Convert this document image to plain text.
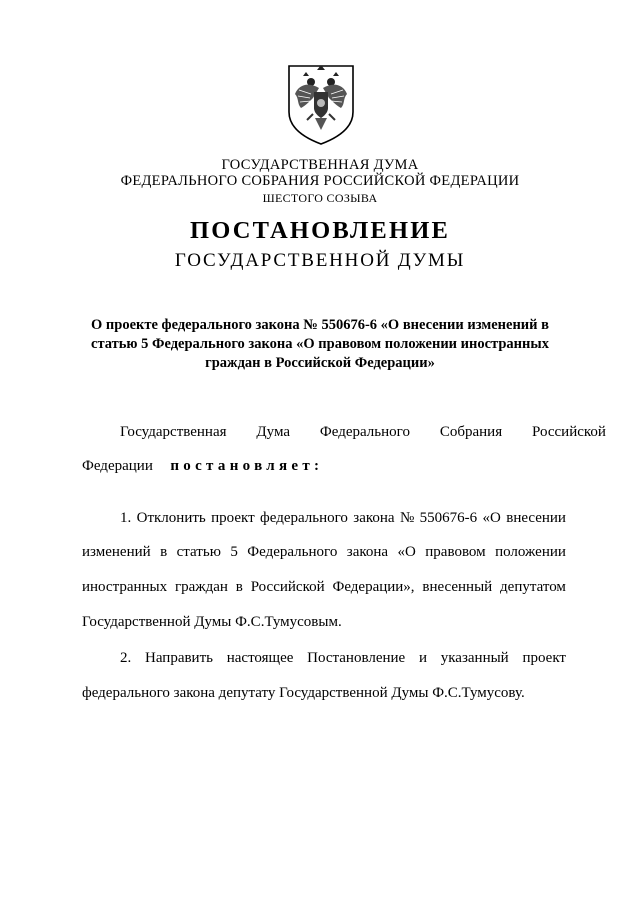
ГОСУДАРСТВЕННАЯ ДУМА
ФЕДЕРАЛЬНОГО СОБРАНИЯ РОССИЙСКОЙ ФЕДЕРАЦИИ
ШЕСТОГО СОЗЫВА
ПОСТАНОВЛЕНИЕ
ГОСУДАРСТВЕННОЙ ДУМЫ
О проекте федерального закона № 550676-6 «О внесении изменений в
статью 5 Федерального закона «О правовом положении иностранных
граждан в Российской Федерации»
Государственная Дума Федерального Собрания Российской
Федерации постановляет:
1. Отклонить проект федерального закона № 550676-6 «О внесении
изменений в статью 5 Федерального закона «О правовом положении
иностранных граждан в Российской Федерации», внесенный депутатом
Государственной Думы Ф.С.Тумусовым.
2. Направить настоящее Постановление и указанный проект
федерального закона депутату Государственной Думы Ф.С.Тумусову.
